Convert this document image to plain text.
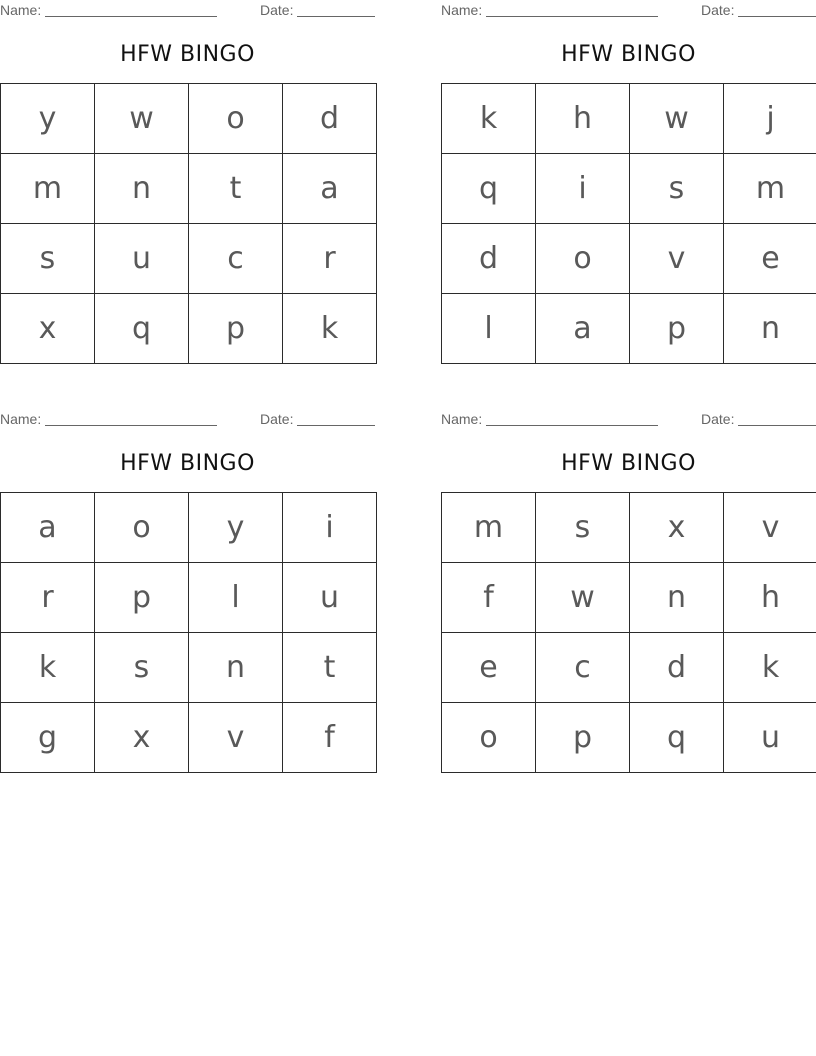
Name:	Date:
HFW BINGO
y	w	o	d
m	n	t	a
s	u	c	r
x	q	p	k
Name:	Date:
HFW BINGO
k	h	w	j
q	i	s	m
d	o	v	e
l	a	p	n
Name:	Date:
HFW BINGO
a	o	y	i
r	p	l	u
k	s	n	t
g	x	v	f
Name:	Date:
HFW BINGO
m	s	x	v
f	w	n	h
e	c	d	k
o	p	q	u
